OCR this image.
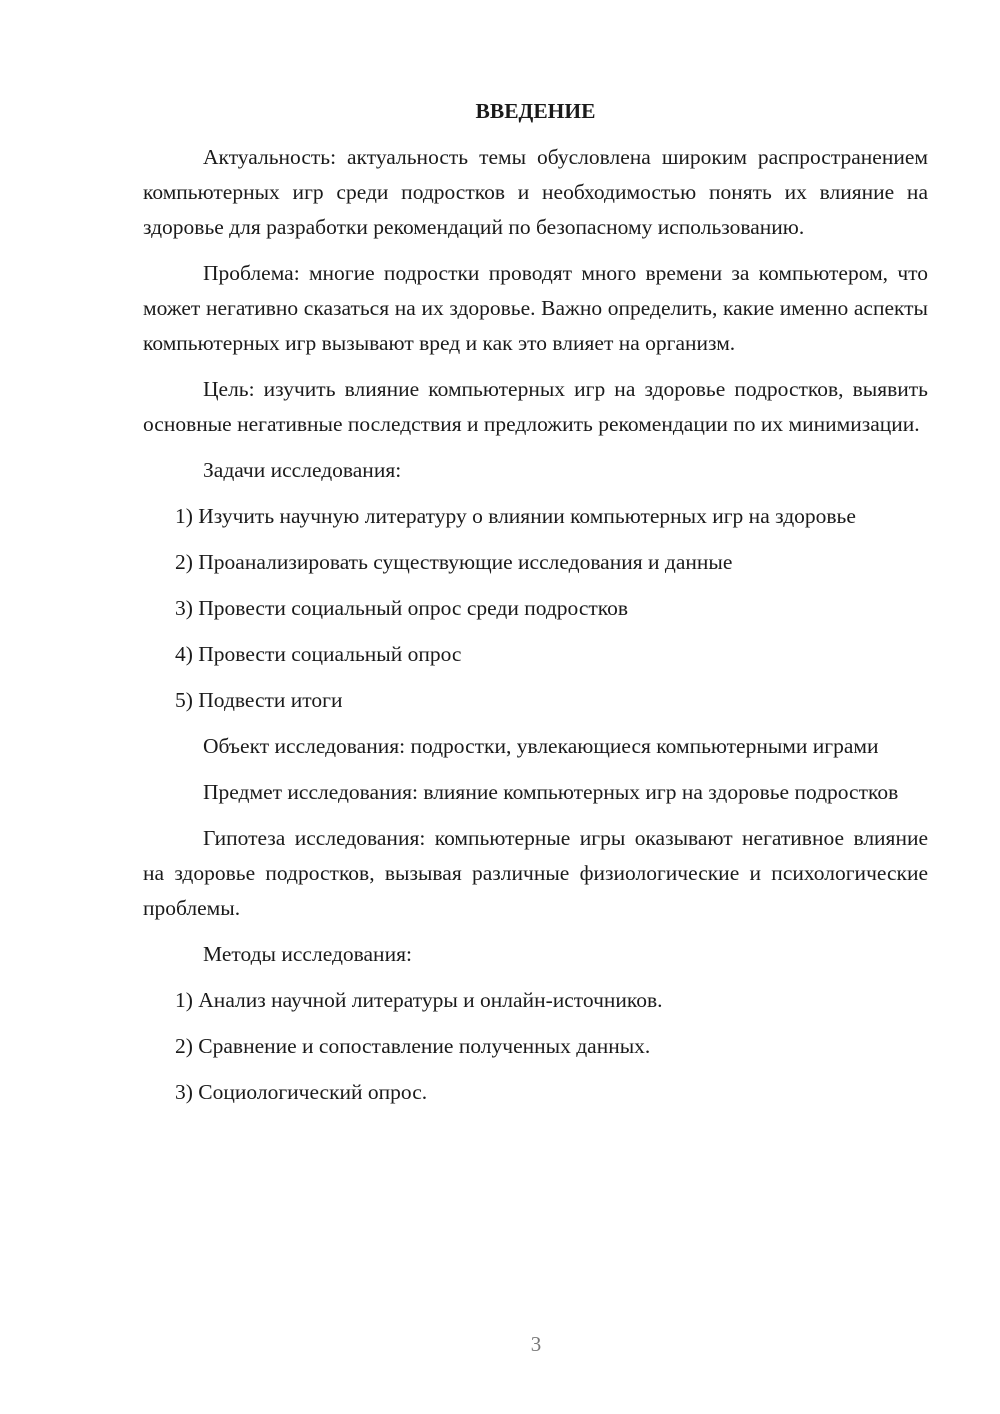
ВВЕДЕНИЕ

Актуальность: актуальность темы обусловлена широким распространением компьютерных игр среди подростков и необходимостью понять их влияние на здоровье для разработки рекомендаций по безопасному использованию.

Проблема: многие подростки проводят много времени за компьютером, что может негативно сказаться на их здоровье. Важно определить, какие именно аспекты компьютерных игр вызывают вред и как это влияет на организм.

Цель: изучить влияние компьютерных игр на здоровье подростков, выявить основные негативные последствия и предложить рекомендации по их минимизации.

Задачи исследования:

1) Изучить научную литературу о влиянии компьютерных игр на здоровье

2) Проанализировать существующие исследования и данные

3) Провести социальный опрос среди подростков

4) Провести социальный опрос

5) Подвести итоги

Объект исследования: подростки, увлекающиеся компьютерными играми

Предмет исследования: влияние компьютерных игр на здоровье подростков

Гипотеза исследования: компьютерные игры оказывают негативное влияние на здоровье подростков, вызывая различные физиологические и психологические проблемы.

Методы исследования:

1) Анализ научной литературы и онлайн-источников.

2) Сравнение и сопоставление полученных данных.

3) Социологический опрос.

3
